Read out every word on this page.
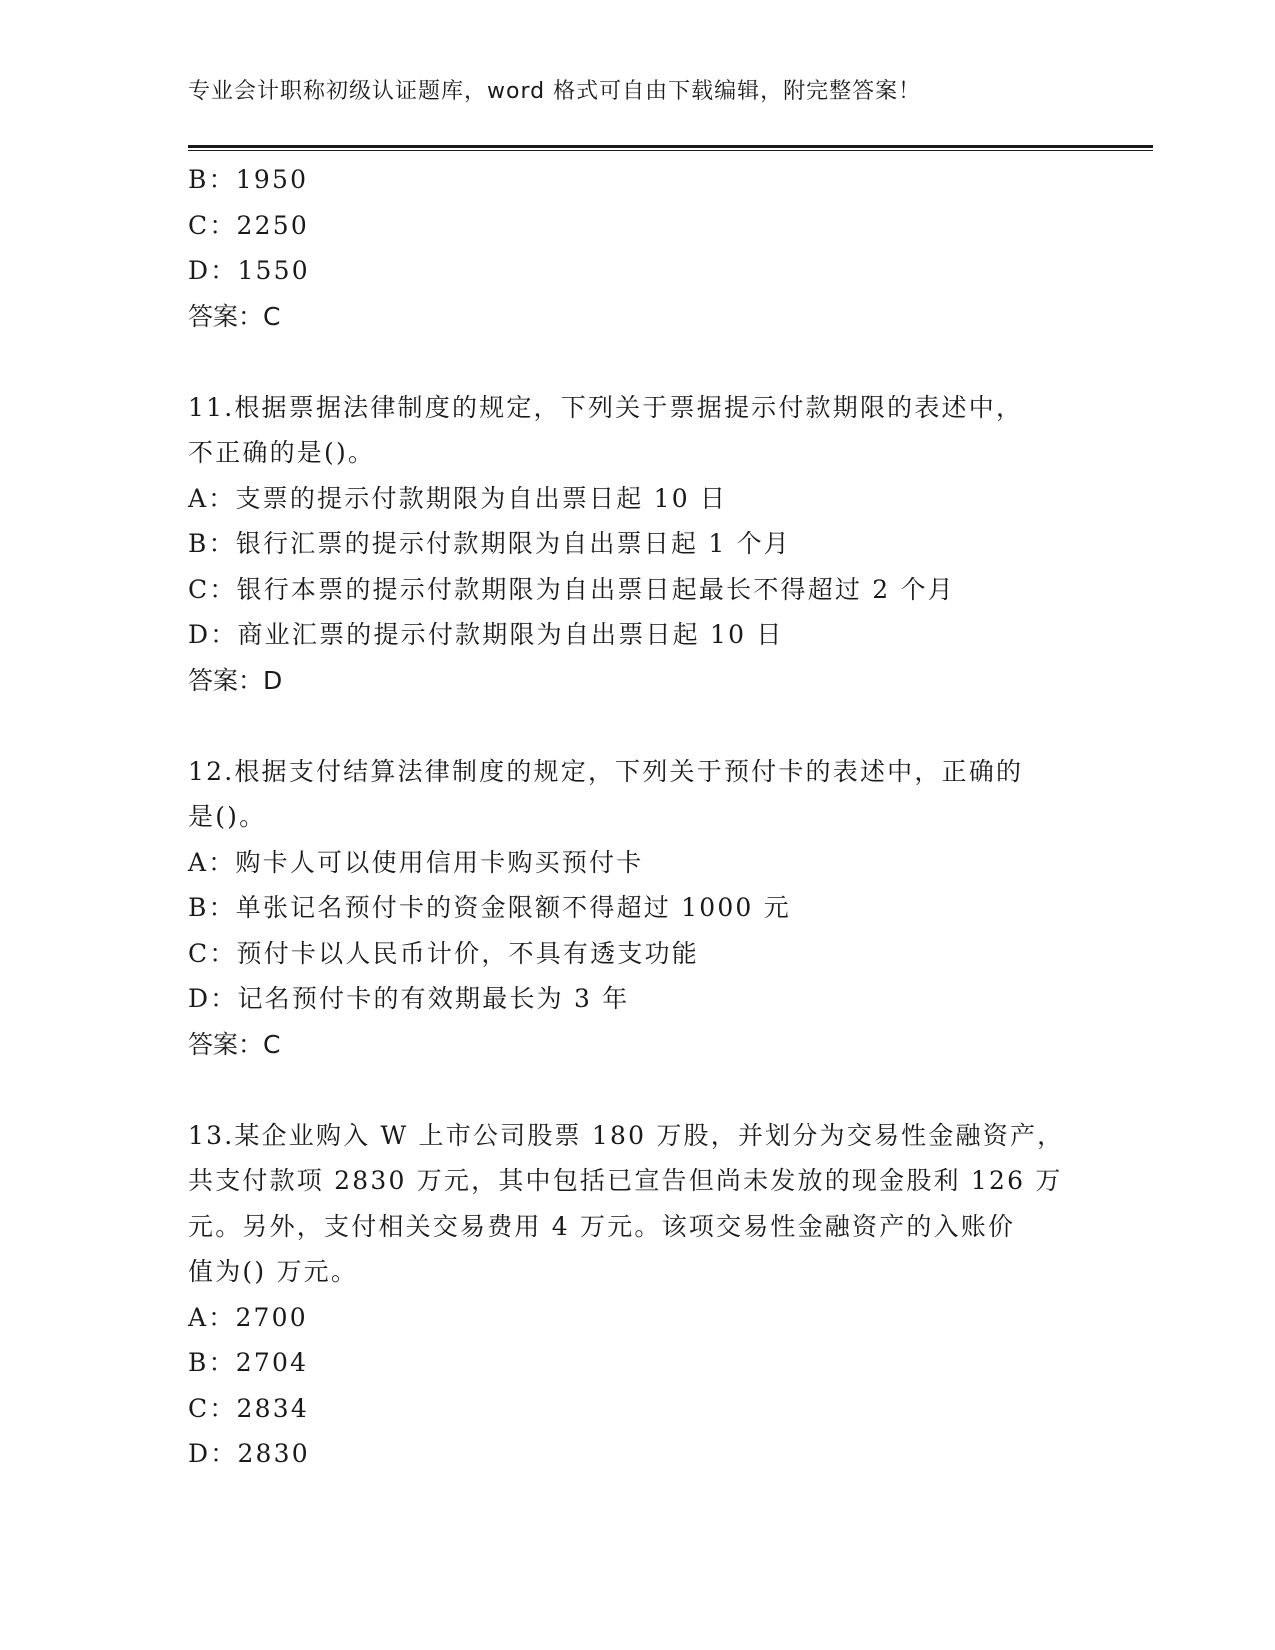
专业会计职称初级认证题库，word 格式可自由下载编辑，附完整答案！
B：1950
C：2250
D：1550
答案：C
11.根据票据法律制度的规定，下列关于票据提示付款期限的表述中，
不正确的是()。
A：支票的提示付款期限为自出票日起 10 日
B：银行汇票的提示付款期限为自出票日起 1 个月
C：银行本票的提示付款期限为自出票日起最长不得超过 2 个月
D：商业汇票的提示付款期限为自出票日起 10 日
答案：D
12.根据支付结算法律制度的规定，下列关于预付卡的表述中，正确的
是()。
A：购卡人可以使用信用卡购买预付卡
B：单张记名预付卡的资金限额不得超过 1000 元
C：预付卡以人民币计价，不具有透支功能
D：记名预付卡的有效期最长为 3 年
答案：C
13.某企业购入 W 上市公司股票 180 万股，并划分为交易性金融资产，
共支付款项 2830 万元，其中包括已宣告但尚未发放的现金股利 126 万
元。另外，支付相关交易费用 4 万元。该项交易性金融资产的入账价
值为() 万元。
A：2700
B：2704
C：2834
D：2830
